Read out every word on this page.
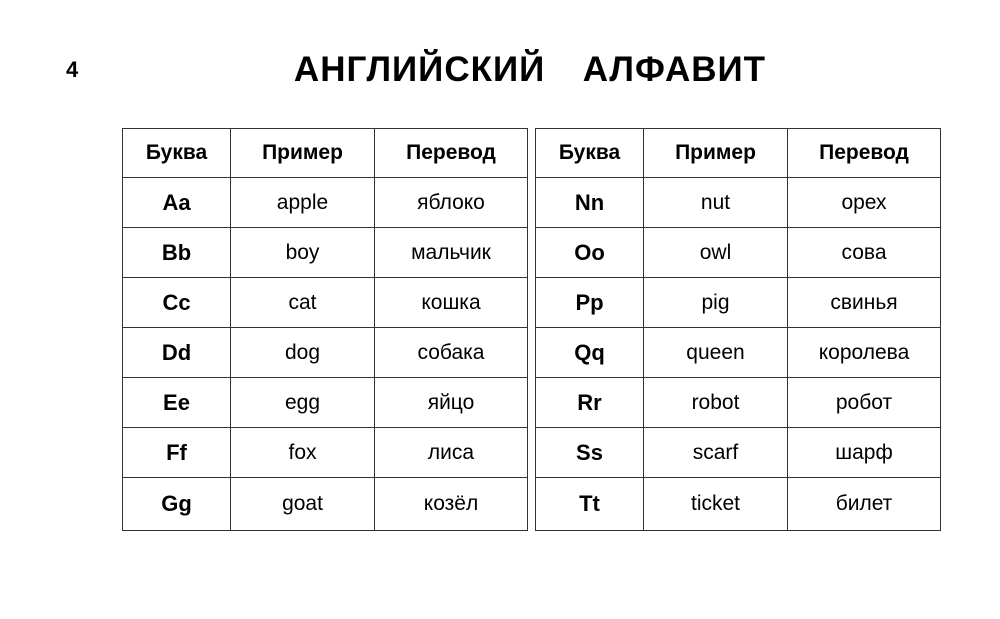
4	АНГЛИЙСКИЙ  АЛФАВИТ
Буква	Пример	Перевод
Aa	apple	яблоко
Bb	boy	мальчик
Cc	cat	кошка
Dd	dog	собака
Ee	egg	яйцо
Ff	fox	лиса
Gg	goat	козёл
Буква	Пример	Перевод
Nn	nut	орех
Oo	owl	сова
Pp	pig	свинья
Qq	queen	королева
Rr	robot	робот
Ss	scarf	шарф
Tt	ticket	билет
